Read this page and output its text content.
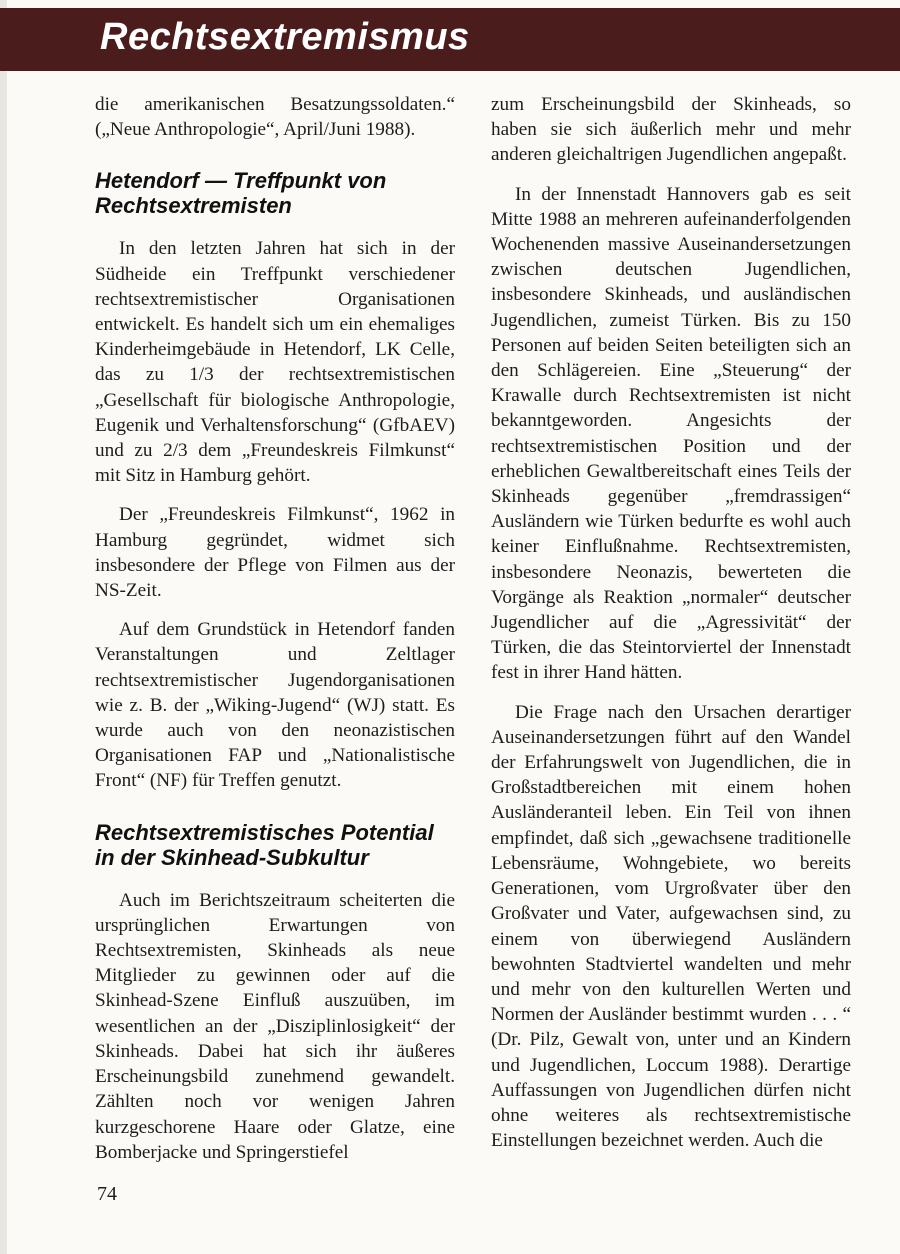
Rechtsextremismus

die amerikanischen Besatzungssoldaten.“ („Neue Anthropologie“, April/Juni 1988).

Hetendorf — Treffpunkt von Rechtsextremisten

In den letzten Jahren hat sich in der Südheide ein Treffpunkt verschiedener rechtsextremistischer Organisationen entwickelt. Es handelt sich um ein ehemaliges Kinderheimgebäude in Hetendorf, LK Celle, das zu 1/3 der rechtsextremistischen „Gesellschaft für biologische Anthropologie, Eugenik und Verhaltensforschung“ (GfbAEV) und zu 2/3 dem „Freundeskreis Filmkunst“ mit Sitz in Hamburg gehört.

Der „Freundeskreis Filmkunst“, 1962 in Hamburg gegründet, widmet sich insbesondere der Pflege von Filmen aus der NS-Zeit.

Auf dem Grundstück in Hetendorf fanden Veranstaltungen und Zeltlager rechtsextremistischer Jugendorganisationen wie z. B. der „Wiking-Jugend“ (WJ) statt. Es wurde auch von den neonazistischen Organisationen FAP und „Nationalistische Front“ (NF) für Treffen genutzt.

Rechtsextremistisches Potential in der Skinhead-Subkultur

Auch im Berichtszeitraum scheiterten die ursprünglichen Erwartungen von Rechtsextremisten, Skinheads als neue Mitglieder zu gewinnen oder auf die Skinhead-Szene Einfluß auszuüben, im wesentlichen an der „Disziplinlosigkeit“ der Skinheads. Dabei hat sich ihr äußeres Erscheinungsbild zunehmend gewandelt. Zählten noch vor wenigen Jahren kurzgeschorene Haare oder Glatze, eine Bomberjacke und Springerstiefel

zum Erscheinungsbild der Skinheads, so haben sie sich äußerlich mehr und mehr anderen gleichaltrigen Jugendlichen angepaßt.

In der Innenstadt Hannovers gab es seit Mitte 1988 an mehreren aufeinanderfolgenden Wochenenden massive Auseinandersetzungen zwischen deutschen Jugendlichen, insbesondere Skinheads, und ausländischen Jugendlichen, zumeist Türken. Bis zu 150 Personen auf beiden Seiten beteiligten sich an den Schlägereien. Eine „Steuerung“ der Krawalle durch Rechtsextremisten ist nicht bekanntgeworden. Angesichts der rechtsextremistischen Position und der erheblichen Gewaltbereitschaft eines Teils der Skinheads gegenüber „fremdrassigen“ Ausländern wie Türken bedurfte es wohl auch keiner Einflußnahme. Rechtsextremisten, insbesondere Neonazis, bewerteten die Vorgänge als Reaktion „normaler“ deutscher Jugendlicher auf die „Agressivität“ der Türken, die das Steintorviertel der Innenstadt fest in ihrer Hand hätten.

Die Frage nach den Ursachen derartiger Auseinandersetzungen führt auf den Wandel der Erfahrungswelt von Jugendlichen, die in Großstadtbereichen mit einem hohen Ausländeranteil leben. Ein Teil von ihnen empfindet, daß sich „gewachsene traditionelle Lebensräume, Wohngebiete, wo bereits Generationen, vom Urgroßvater über den Großvater und Vater, aufgewachsen sind, zu einem von überwiegend Ausländern bewohnten Stadtviertel wandelten und mehr und mehr von den kulturellen Werten und Normen der Ausländer bestimmt wurden . . . “ (Dr. Pilz, Gewalt von, unter und an Kindern und Jugendlichen, Loccum 1988). Derartige Auffassungen von Jugendlichen dürfen nicht ohne weiteres als rechtsextremistische Einstellungen bezeichnet werden. Auch die

74
